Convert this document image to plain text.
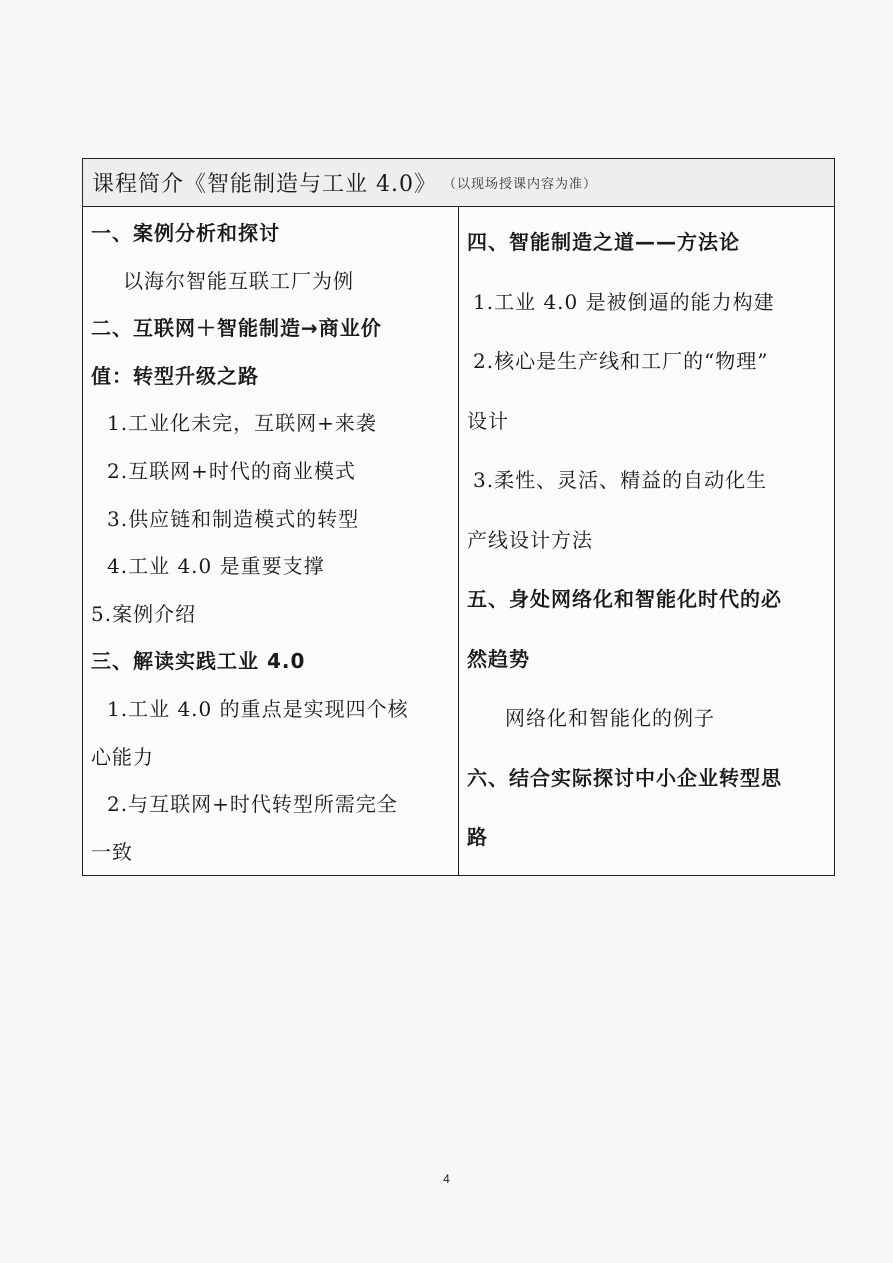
课程简介《智能制造与工业 4.0》 （以现场授课内容为准）
一、案例分析和探讨
以海尔智能互联工厂为例
二、互联网＋智能制造→商业价
值：转型升级之路
1.工业化未完，互联网+来袭
2.互联网+时代的商业模式
3.供应链和制造模式的转型
4.工业 4.0 是重要支撑
5.案例介绍
三、解读实践工业 4.0
1.工业 4.0 的重点是实现四个核
心能力
2.与互联网+时代转型所需完全
一致
四、智能制造之道——方法论
1.工业 4.0 是被倒逼的能力构建
2.核心是生产线和工厂的“物理”
设计
3.柔性、灵活、精益的自动化生
产线设计方法
五、身处网络化和智能化时代的必
然趋势
网络化和智能化的例子
六、结合实际探讨中小企业转型思
路
4
